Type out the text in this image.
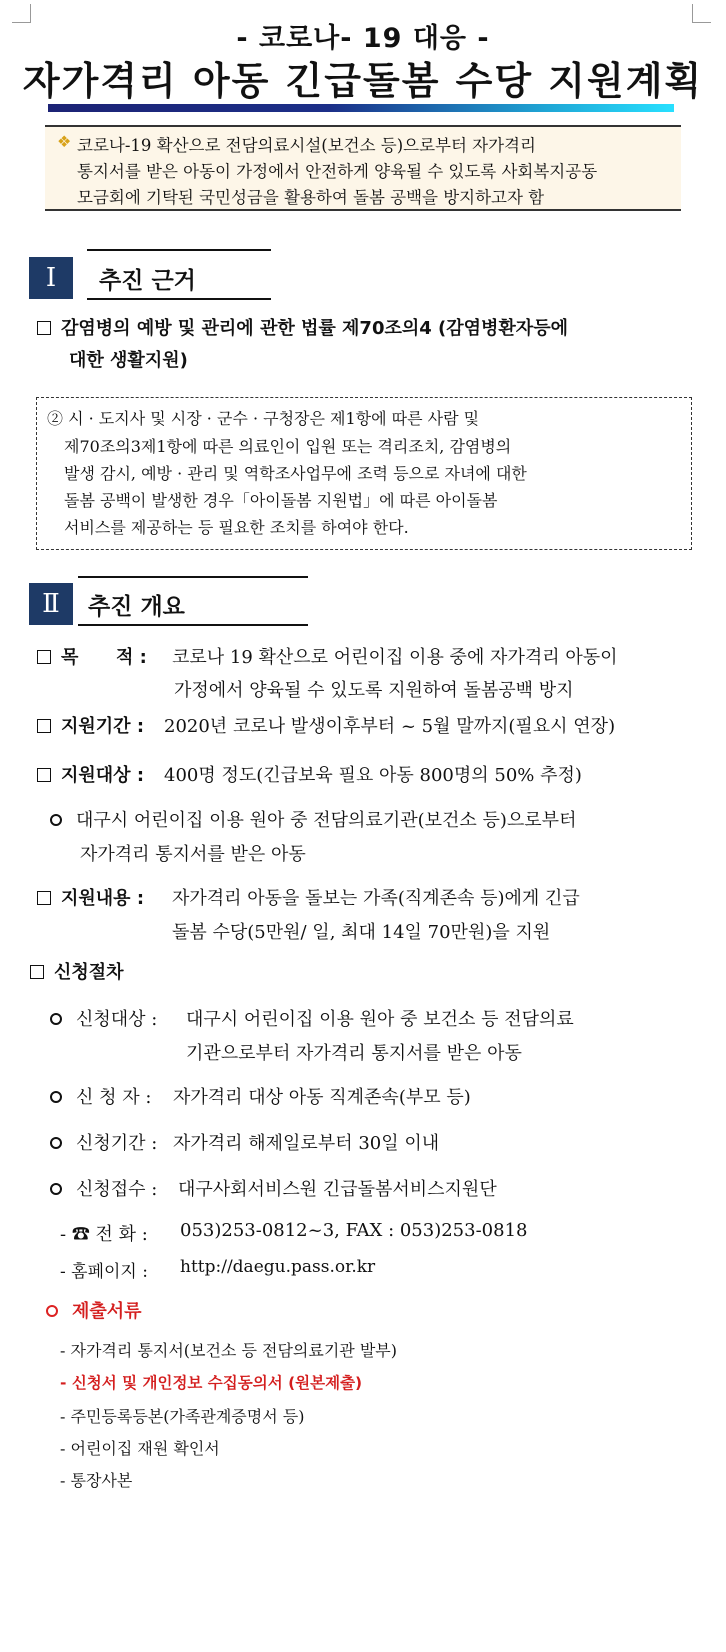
- 코로나- 19 대응 -
자가격리 아동 긴급돌봄 수당 지원계획
❖ 코로나-19 확산으로 전담의료시설(보건소 등)으로부터 자가격리
통지서를 받은 아동이 가정에서 안전하게 양육될 수 있도록 사회복지공동
모금회에 기탁된 국민성금을 활용하여 돌봄 공백을 방지하고자 함
Ⅰ	추진 근거
감염병의 예방 및 관리에 관한 법률 제70조의4 (감염병환자등에
대한 생활지원)
② 시 · 도지사 및 시장 · 군수 · 구청장은 제1항에 따른 사람 및
제70조의3제1항에 따른 의료인이 입원 또는 격리조치, 감염병의
발생 감시, 예방 · 관리 및 역학조사업무에 조력 등으로 자녀에 대한
돌봄 공백이 발생한 경우「아이돌봄 지원법」에 따른 아이돌봄
서비스를 제공하는 등 필요한 조치를 하여야 한다.
Ⅱ	추진 개요
목      적 : 코로나 19 확산으로 어린이집 이용 중에 자가격리 아동이
가정에서 양육될 수 있도록 지원하여 돌봄공백 방지
지원기간 : 2020년 코로나 발생이후부터 ~ 5월 말까지(필요시 연장)
지원대상 : 400명 정도(긴급보육 필요 아동 800명의 50% 추정)
대구시 어린이집 이용 원아 중 전담의료기관(보건소 등)으로부터
자가격리 통지서를 받은 아동
지원내용 : 자가격리 아동을 돌보는 가족(직계존속 등)에게 긴급
돌봄 수당(5만원/ 일, 최대 14일 70만원)을 지원
신청절차
신청대상 : 대구시 어린이집 이용 원아 중 보건소 등 전담의료
기관으로부터 자가격리 통지서를 받은 아동
신 청 자 : 자가격리 대상 아동 직계존속(부모 등)
신청기간 : 자가격리 해제일로부터 30일 이내
신청접수 : 대구사회서비스원 긴급돌봄서비스지원단
- ☎ 전 화 : 053)253-0812~3, FAX : 053)253-0818
- 홈페이지 : http://daegu.pass.or.kr
제출서류
- 자가격리 통지서(보건소 등 전담의료기관 발부)
- 신청서 및 개인정보 수집동의서 (원본제출)
- 주민등록등본(가족관계증명서 등)
- 어린이집 재원 확인서
- 통장사본
